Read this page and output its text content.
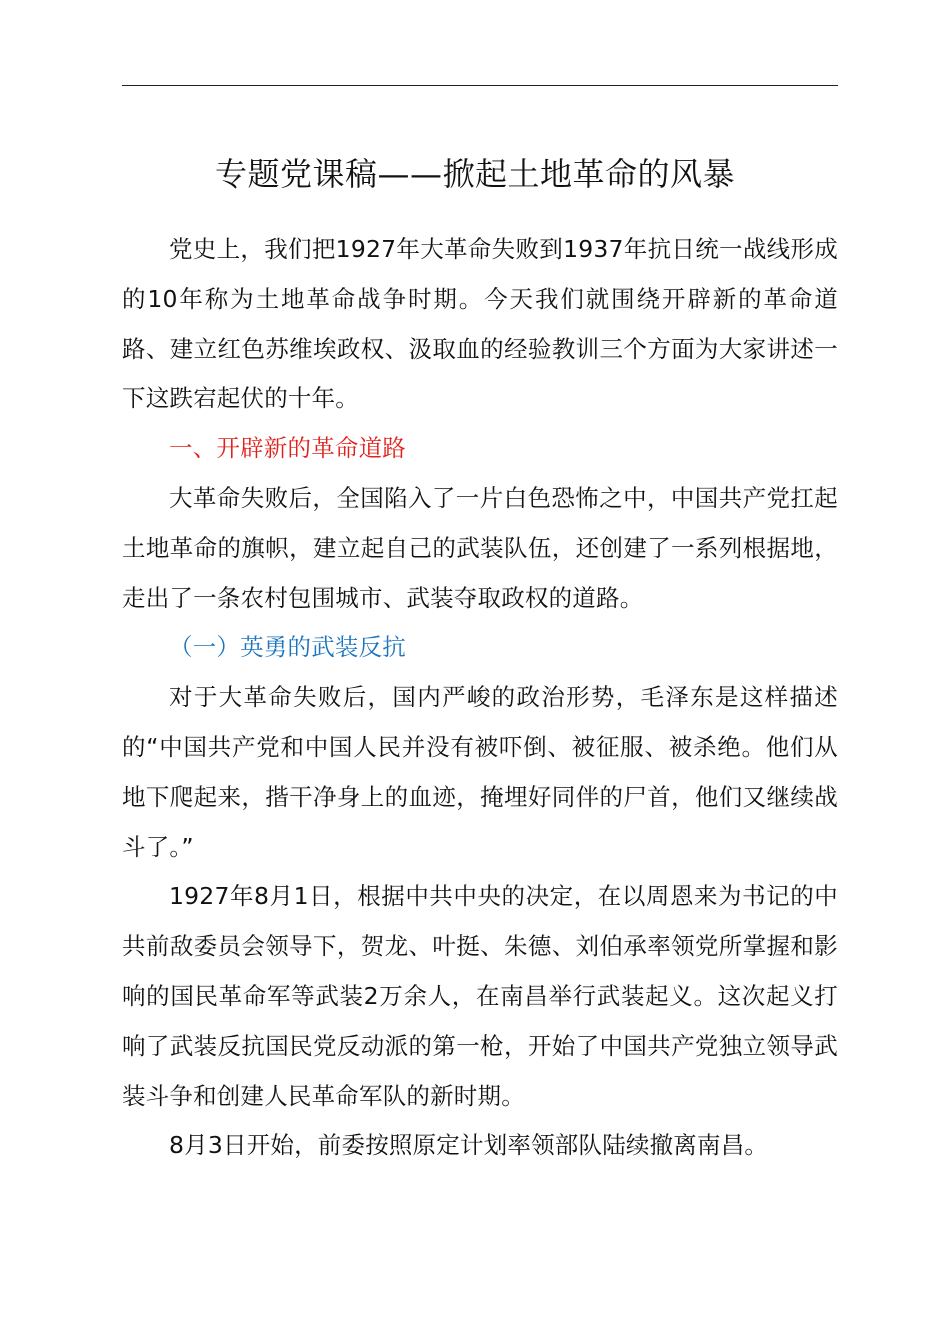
专题党课稿——掀起土地革命的风暴

党史上，我们把1927年大革命失败到1937年抗日统一战线形成的10年称为土地革命战争时期。今天我们就围绕开辟新的革命道路、建立红色苏维埃政权、汲取血的经验教训三个方面为大家讲述一下这跌宕起伏的十年。

一、开辟新的革命道路

大革命失败后，全国陷入了一片白色恐怖之中，中国共产党扛起土地革命的旗帜，建立起自己的武装队伍，还创建了一系列根据地，走出了一条农村包围城市、武装夺取政权的道路。

（一）英勇的武装反抗

对于大革命失败后，国内严峻的政治形势，毛泽东是这样描述的“中国共产党和中国人民并没有被吓倒、被征服、被杀绝。他们从地下爬起来，揩干净身上的血迹，掩埋好同伴的尸首，他们又继续战斗了。”

1927年8月1日，根据中共中央的决定，在以周恩来为书记的中共前敌委员会领导下，贺龙、叶挺、朱德、刘伯承率领党所掌握和影响的国民革命军等武装2万余人，在南昌举行武装起义。这次起义打响了武装反抗国民党反动派的第一枪，开始了中国共产党独立领导武装斗争和创建人民革命军队的新时期。

8月3日开始，前委按照原定计划率领部队陆续撤离南昌。
